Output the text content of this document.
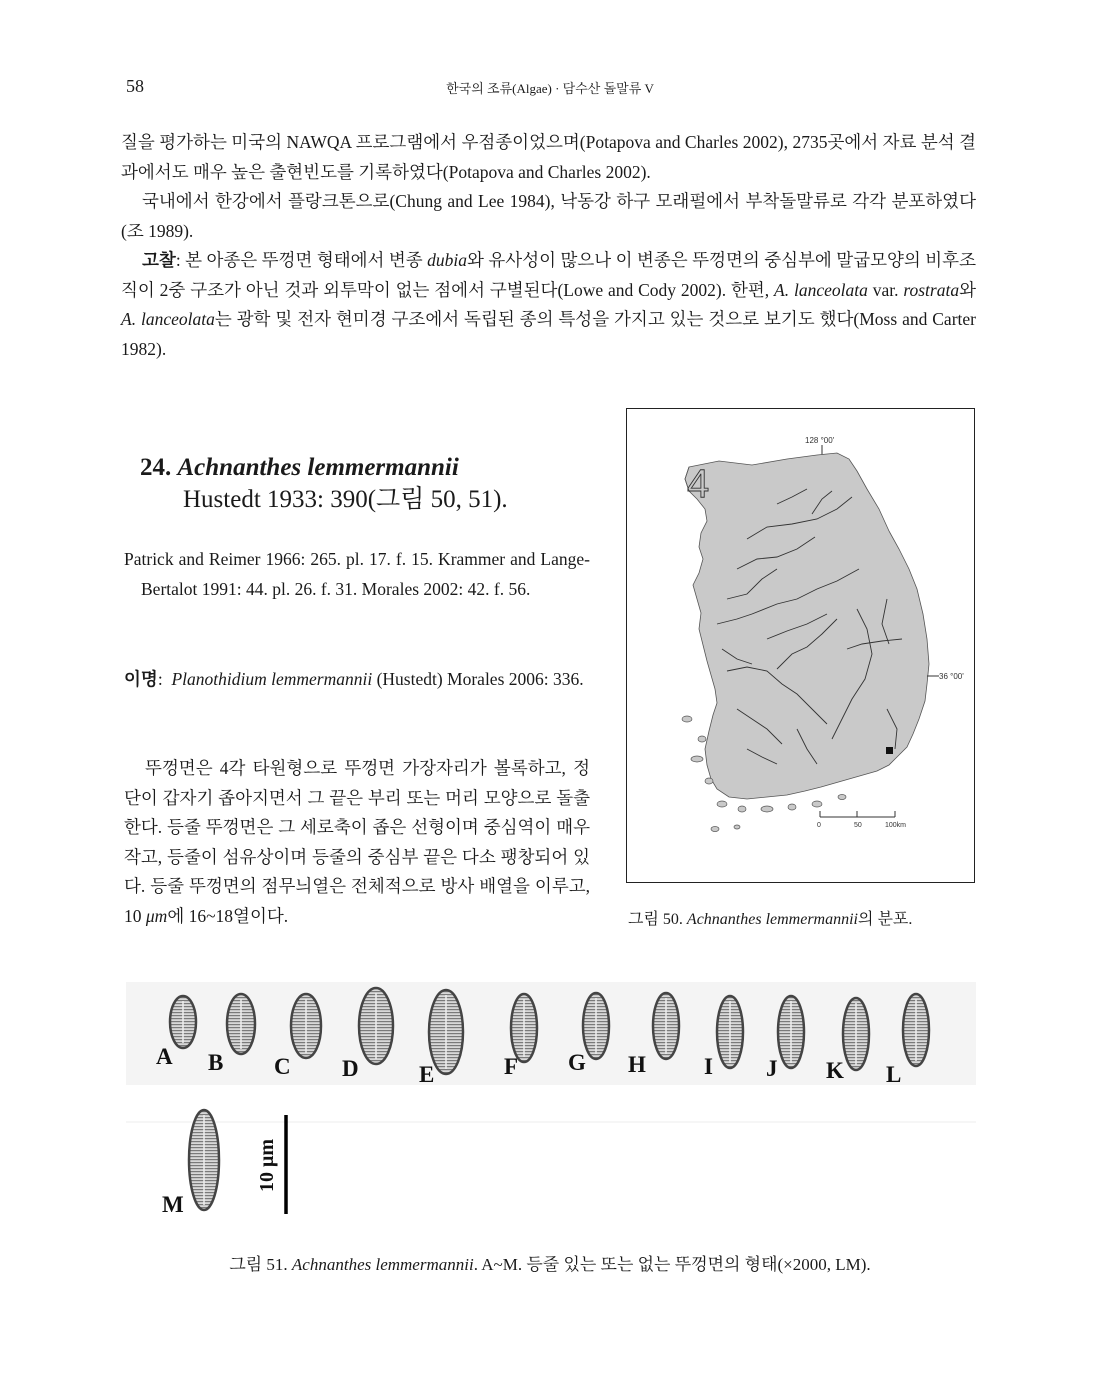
58	한국의 조류(Algae) · 담수산 돌말류 V

질을 평가하는 미국의 NAWQA 프로그램에서 우점종이었으며(Potapova and Charles 2002), 2735곳에서 자료 분석 결과에서도 매우 높은 출현빈도를 기록하였다(Potapova and Charles 2002).

국내에서 한강에서 플랑크톤으로(Chung and Lee 1984), 낙동강 하구 모래펄에서 부착돌말류로 각각 분포하였다(조 1989).

고찰: 본 아종은 뚜껑면 형태에서 변종 dubia와 유사성이 많으나 이 변종은 뚜껑면의 중심부에 말굽모양의 비후조직이 2중 구조가 아닌 것과 외투막이 없는 점에서 구별된다(Lowe and Cody 2002). 한편, A. lanceolata var. rostrata와 A. lanceolata는 광학 및 전자 현미경 구조에서 독립된 종의 특성을 가지고 있는 것으로 보기도 했다(Moss and Carter 1982).

24. Achnanthes lemmermannii
Hustedt 1933: 390(그림 50, 51).

Patrick and Reimer 1966: 265. pl. 17. f. 15. Krammer and Lange-Bertalot 1991: 44. pl. 26. f. 31. Morales 2002: 42. f. 56.

이명:  Planothidium lemmermannii (Hustedt) Morales 2006: 336.

뚜껑면은 4각 타원형으로 뚜껑면 가장자리가 볼록하고, 정단이 갑자기 좁아지면서 그 끝은 부리 또는 머리 모양으로 돌출한다. 등줄 뚜껑면은 그 세로축이 좁은 선형이며 중심역이 매우 작고, 등줄이 섬유상이며 등줄의 중심부 끝은 다소 팽창되어 있다. 등줄 뚜껑면의 점무늬열은 전체적으로 방사 배열을 이루고, 10 μm에 16~18열이다.

128 °00'
4
36 °00'
0	50	100km
그림 50. Achnanthes lemmermannii의 분포.
A B C D	E	F G H	I J K L
M
10 μm
그림 51. Achnanthes lemmermannii. A~M. 등줄 있는 또는 없는 뚜껑면의 형태(×2000, LM).
